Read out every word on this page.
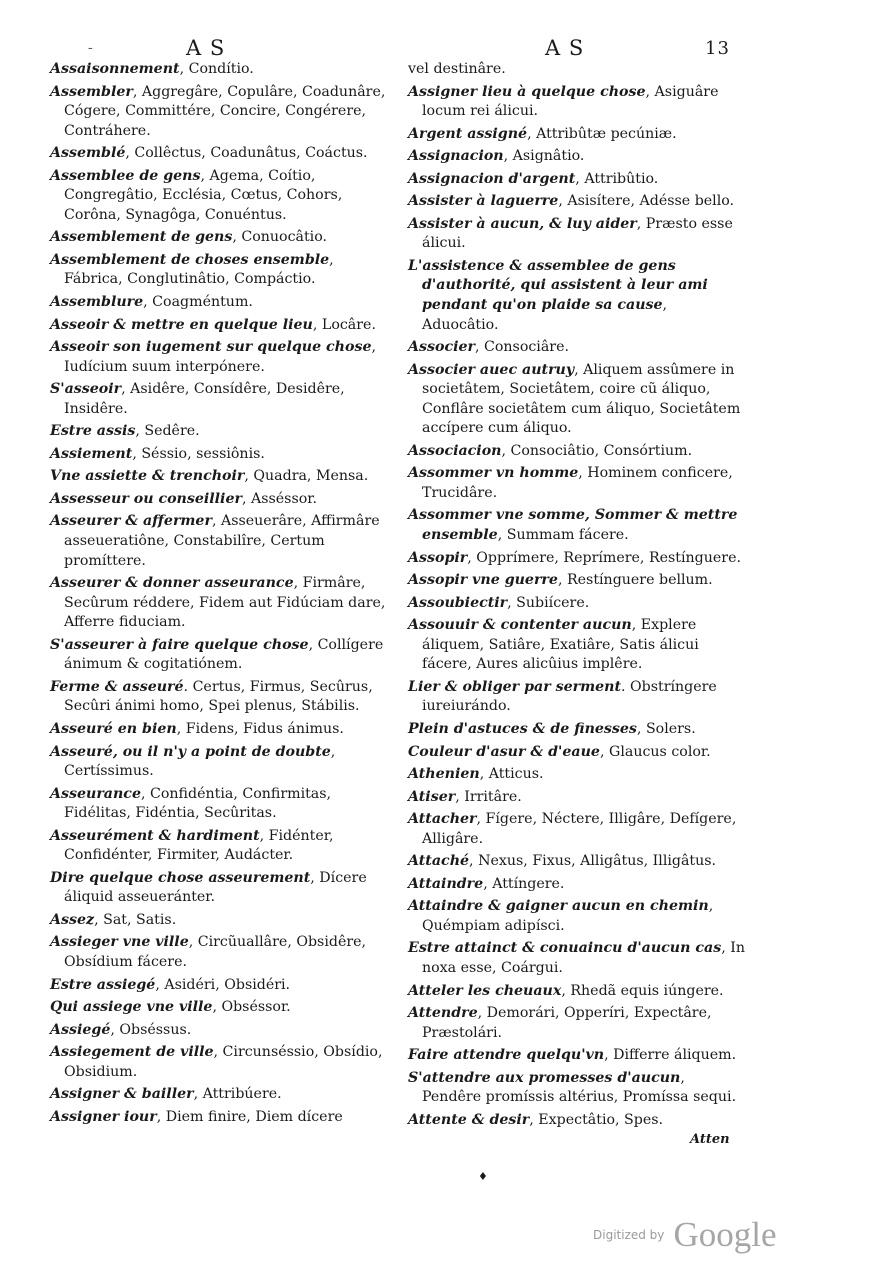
-	A S	A S	13
Assaisonnement, Condítio.
Assembler, Aggregâre, Copulâre, Coadunâre, Cógere, Committére, Concire, Congérere, Contráhere.
Assemblé, Collêctus, Coadunâtus, Coáctus.
Assemblee de gens, Agema, Coítio, Congregâtio, Ecclésia, Cœtus, Cohors, Corôna, Synagôga, Conuéntus.
Assemblement de gens, Conuocâtio.
Assemblement de choses ensemble, Fábrica, Conglutinâtio, Compáctio.
Assemblure, Coagméntum.
Asseoir & mettre en quelque lieu, Locâre.
Asseoir son iugement sur quelque chose, Iudícium suum interpónere.
S'asseoir, Asidêre, Consídêre, Desidêre, Insidêre.
Estre assis, Sedêre.
Assiement, Séssio, sessiônis.
Vne assiette & trenchoir, Quadra, Mensa.
Assesseur ou conseillier, Asséssor.
Asseurer & affermer, Asseuerâre, Affirmâre asseueratiône, Constabilîre, Certum promíttere.
Asseurer & donner asseurance, Firmâre, Secûrum réddere, Fidem aut Fidúciam dare, Afferre fiduciam.
S'asseurer à faire quelque chose, Collígere ánimum & cogitatiónem.
Ferme & asseuré. Certus, Firmus, Secûrus, Secûri ánimi homo, Spei plenus, Stábilis.
Asseuré en bien, Fidens, Fidus ánimus.
Asseuré, ou il n'y a point de doubte, Certíssimus.
Asseurance, Confidéntia, Confirmitas, Fidélitas, Fidéntia, Secûritas.
Asseurément & hardiment, Fidénter, Confidénter, Firmiter, Audácter.
Dire quelque chose asseurement, Dícere áliquid asseueránter.
Assez, Sat, Satis.
Assieger vne ville, Circũuallâre, Obsidêre, Obsídium fácere.
Estre assiegé, Asidéri, Obsidéri.
Qui assiege vne ville, Obséssor.
Assiegé, Obséssus.
Assiegement de ville, Circunséssio, Obsídio, Obsidium.
Assigner & bailler, Attribúere.
Assigner iour, Diem finire, Diem dícere
vel destinâre.
Assigner lieu à quelque chose, Asiguâre locum rei álicui.
Argent assigné, Attribûtæ pecúniæ.
Assignacion, Asignâtio.
Assignacion d'argent, Attribûtio.
Assister à laguerre, Asisítere, Adésse bello.
Assister à aucun, & luy aider, Præsto esse álicui.
L'assistence & assemblee de gens d'authorité, qui assistent à leur ami pendant qu'on plaide sa cause, Aduocâtio.
Associer, Consociâre.
Associer auec autruy, Aliquem assûmere in societâtem, Societâtem, coire cũ áliquo, Conflâre societâtem cum áliquo, Societâtem accípere cum áliquo.
Associacion, Consociâtio, Consórtium.
Assommer vn homme, Hominem conficere, Trucidâre.
Assommer vne somme, Sommer & mettre ensemble, Summam fácere.
Assopir, Opprímere, Reprímere, Restínguere.
Assopir vne guerre, Restínguere bellum.
Assoubiectir, Subiícere.
Assouuir & contenter aucun, Explere áliquem, Satiâre, Exatiâre, Satis álicui fácere, Aures alicûius implêre.
Lier & obliger par serment. Obstríngere iureiurándo.
Plein d'astuces & de finesses, Solers.
Couleur d'asur & d'eaue, Glaucus color.
Athenien, Atticus.
Atiser, Irritâre.
Attacher, Fígere, Néctere, Illigâre, Defígere, Alligâre.
Attaché, Nexus, Fixus, Alligâtus, Illigâtus.
Attaindre, Attíngere.
Attaindre & gaigner aucun en chemin, Quémpiam adipísci.
Estre attainct & conuaincu d'aucun cas, In noxa esse, Coárgui.
Atteler les cheuaux, Rhedã equis iúngere.
Attendre, Demorári, Opperíri, Expectâre, Præstolári.
Faire attendre quelqu'vn, Differre áliquem.
S'attendre aux promesses d'aucun, Pendêre promíssis altérius, Promíssa sequi.
Attente & desir, Expectâtio, Spes.
Atten
♦
$^{Digitized by}$ Google
